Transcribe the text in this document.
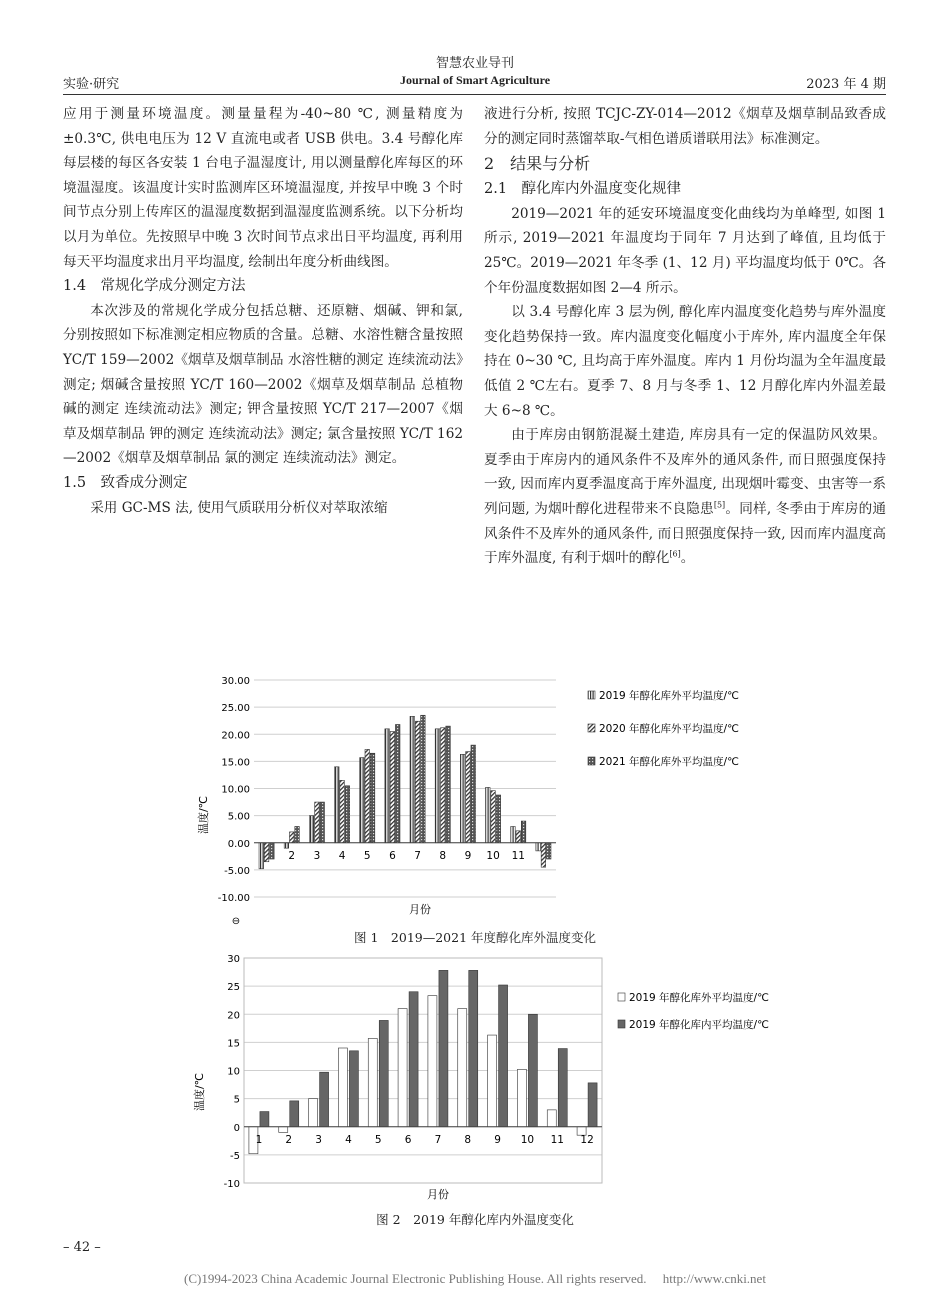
智慧农业导刊
Journal of Smart Agriculture
实验·研究	2023 年 4 期

应用于测量环境温度。测量量程为-40~80 ℃, 测量精度为±0.3℃, 供电电压为 12 V 直流电或者 USB 供电。3.4 号醇化库每层楼的每区各安装 1 台电子温湿度计, 用以测量醇化库每区的环境温湿度。该温度计实时监测库区环境温湿度, 并按早中晚 3 个时间节点分别上传库区的温湿度数据到温湿度监测系统。以下分析均以月为单位。先按照早中晚 3 次时间节点求出日平均温度, 再利用每天平均温度求出月平均温度, 绘制出年度分析曲线图。

1.4　常规化学成分测定方法

本次涉及的常规化学成分包括总糖、还原糖、烟碱、钾和氯, 分别按照如下标准测定相应物质的含量。总糖、水溶性糖含量按照 YC/T 159—2002《烟草及烟草制品 水溶性糖的测定 连续流动法》测定; 烟碱含量按照 YC/T 160—2002《烟草及烟草制品 总植物碱的测定 连续流动法》测定; 钾含量按照 YC/T 217—2007《烟草及烟草制品 钾的测定 连续流动法》测定; 氯含量按照 YC/T 162—2002《烟草及烟草制品 氯的测定 连续流动法》测定。

1.5　致香成分测定

采用 GC-MS 法, 使用气质联用分析仪对萃取浓缩

液进行分析, 按照 TCJC-ZY-014—2012《烟草及烟草制品致香成分的测定同时蒸馏萃取-气相色谱质谱联用法》标准测定。

2　结果与分析

2.1　醇化库内外温度变化规律

2019—2021 年的延安环境温度变化曲线均为单峰型, 如图 1 所示, 2019—2021 年温度均于同年 7 月达到了峰值, 且均低于 25℃。2019—2021 年冬季 (1、12 月) 平均温度均低于 0℃。各个年份温度数据如图 2—4 所示。

以 3.4 号醇化库 3 层为例, 醇化库内温度变化趋势与库外温度变化趋势保持一致。库内温度变化幅度小于库外, 库内温度全年保持在 0~30 ℃, 且均高于库外温度。库内 1 月份均温为全年温度最低值 2 ℃左右。夏季 7、8 月与冬季 1、12 月醇化库内外温差最大 6~8 ℃。

由于库房由钢筋混凝土建造, 库房具有一定的保温防风效果。夏季由于库房内的通风条件不及库外的通风条件, 而日照强度保持一致, 因而库内夏季温度高于库外温度, 出现烟叶霉变、虫害等一系列问题, 为烟叶醇化进程带来不良隐患[5]。同样, 冬季由于库房的通风条件不及库外的通风条件, 而日照强度保持一致, 因而库内温度高于库外温度, 有利于烟叶的醇化[6]。

-10.00
-5.00
0.00
5.00
10.00
15.00
20.00
25.00
30.00
2 3 4 5 6 7 8 9 10 11
温度/℃
月份
⊖
2019 年醇化库外平均温度/℃
2020 年醇化库外平均温度/℃
2021 年醇化库外平均温度/℃
图 1　2019—2021 年度醇化库外温度变化
-10
-5
0
5
10
15
20
25
30
1 2 3 4 5 6 7 8 9 10 11 12
温度/℃
月份
2019 年醇化库外平均温度/℃
2019 年醇化库内平均温度/℃
图 2　2019 年醇化库内外温度变化
– 42 –
(C)1994-2023 China Academic Journal Electronic Publishing House. All rights reserved.　 http://www.cnki.net
